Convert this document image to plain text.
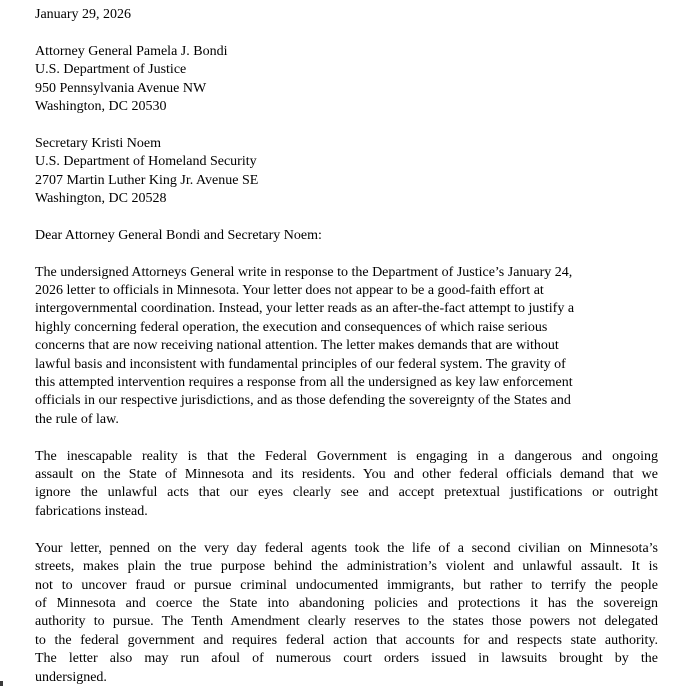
January 29, 2026
Attorney General Pamela J. Bondi
U.S. Department of Justice
950 Pennsylvania Avenue NW
Washington, DC 20530
Secretary Kristi Noem
U.S. Department of Homeland Security
2707 Martin Luther King Jr. Avenue SE
Washington, DC 20528
Dear Attorney General Bondi and Secretary Noem:
The undersigned Attorneys General write in response to the Department of Justice’s January 24,
2026 letter to officials in Minnesota. Your letter does not appear to be a good-faith effort at
intergovernmental coordination. Instead, your letter reads as an after-the-fact attempt to justify a
highly concerning federal operation, the execution and consequences of which raise serious
concerns that are now receiving national attention. The letter makes demands that are without
lawful basis and inconsistent with fundamental principles of our federal system. The gravity of
this attempted intervention requires a response from all the undersigned as key law enforcement
officials in our respective jurisdictions, and as those defending the sovereignty of the States and
the rule of law.
The inescapable reality is that the Federal Government is engaging in a dangerous and ongoing
assault on the State of Minnesota and its residents. You and other federal officials demand that we
ignore the unlawful acts that our eyes clearly see and accept pretextual justifications or outright
fabrications instead.
Your letter, penned on the very day federal agents took the life of a second civilian on Minnesota’s
streets, makes plain the true purpose behind the administration’s violent and unlawful assault. It is
not to uncover fraud or pursue criminal undocumented immigrants, but rather to terrify the people
of Minnesota and coerce the State into abandoning policies and protections it has the sovereign
authority to pursue. The Tenth Amendment clearly reserves to the states those powers not delegated
to the federal government and requires federal action that accounts for and respects state authority.
The letter also may run afoul of numerous court orders issued in lawsuits brought by the
undersigned.
